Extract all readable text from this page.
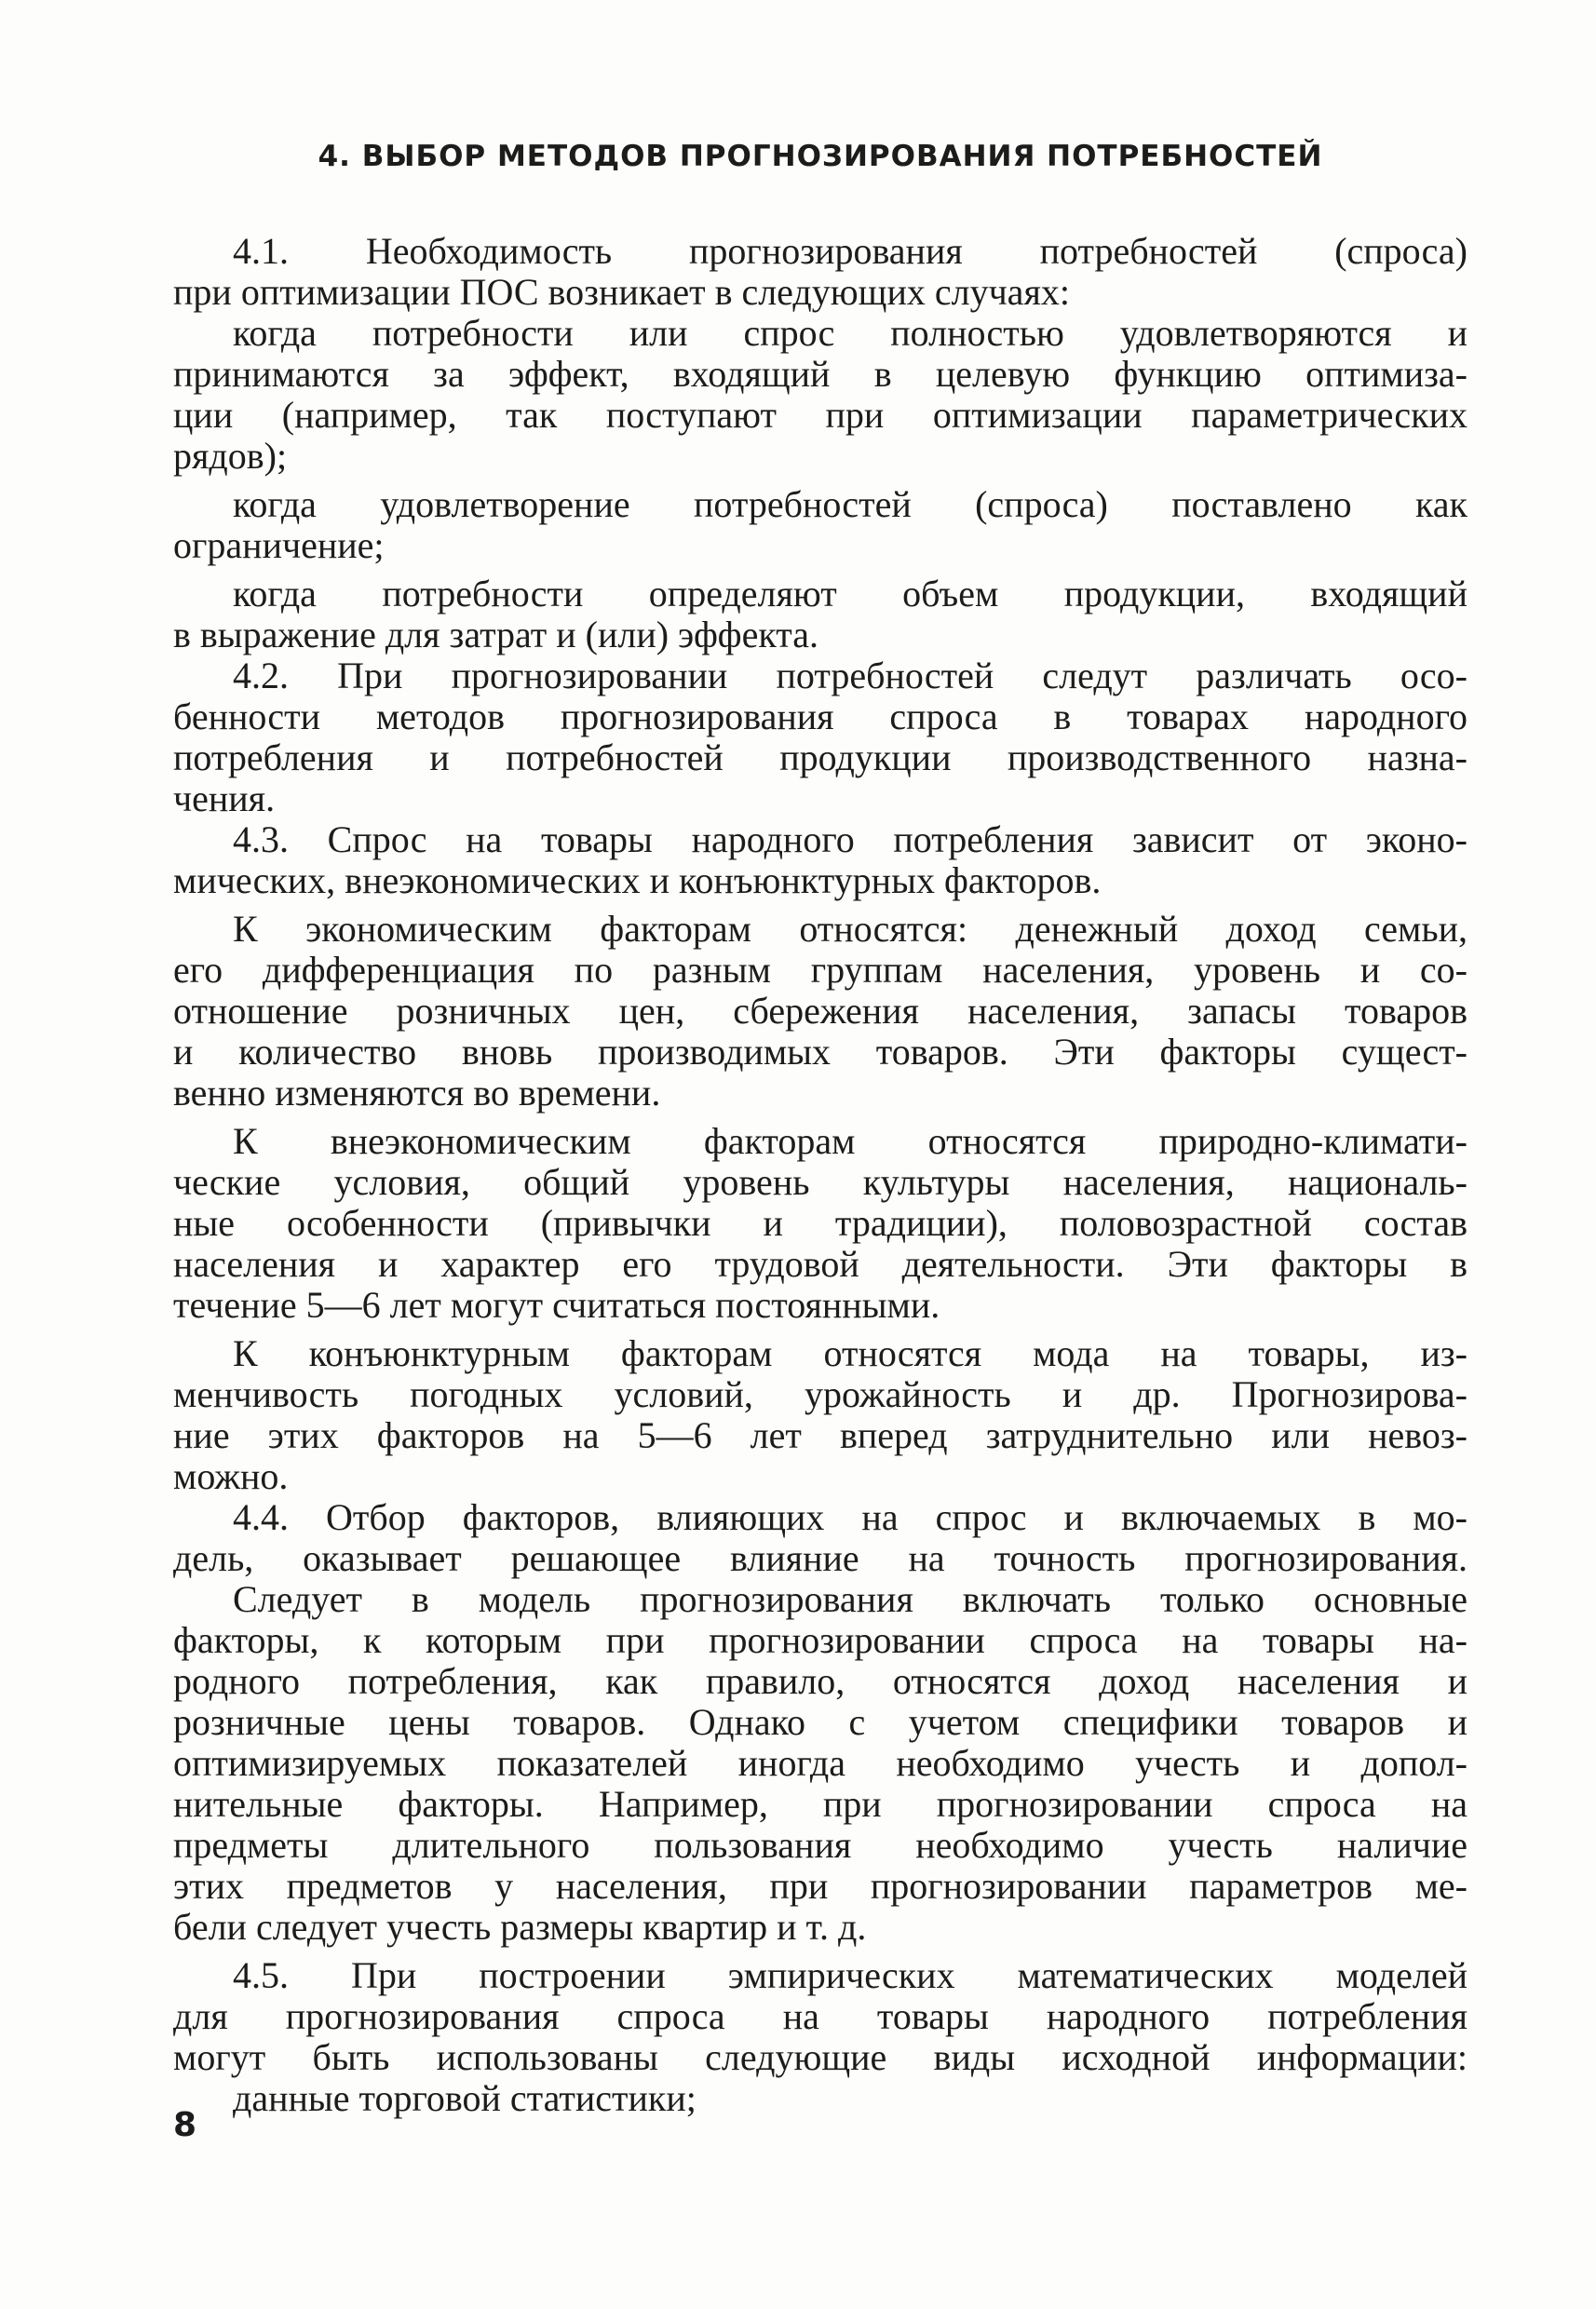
4. ВЫБОР МЕТОДОВ ПРОГНОЗИРОВАНИЯ ПОТРЕБНОСТЕЙ
4.1. Необходимость прогнозирования потребностей (спроса)
при оптимизации ПОС возникает в следующих случаях:
когда потребности или спрос полностью удовлетворяются и
принимаются за эффект, входящий в целевую функцию оптимиза-
ции (например, так поступают при оптимизации параметрических
рядов);
когда удовлетворение потребностей (спроса) поставлено как
ограничение;
когда потребности определяют объем продукции, входящий
в выражение для затрат и (или) эффекта.
4.2. При прогнозировании потребностей следут различать осо-
бенности методов прогнозирования спроса в товарах народного
потребления и потребностей продукции производственного назна-
чения.
4.3. Спрос на товары народного потребления зависит от эконо-
мических, внеэкономических и конъюнктурных факторов.
К экономическим факторам относятся: денежный доход семьи,
его дифференциация по разным группам населения, уровень и со-
отношение розничных цен, сбережения населения, запасы товаров
и количество вновь производимых товаров. Эти факторы сущест-
венно изменяются во времени.
К внеэкономическим факторам относятся природно-климати-
ческие условия, общий уровень культуры населения, националь-
ные особенности (привычки и традиции), половозрастной состав
населения и характер его трудовой деятельности. Эти факторы в
течение 5—6 лет могут считаться постоянными.
К конъюнктурным факторам относятся мода на товары, из-
менчивость погодных условий, урожайность и др. Прогнозирова-
ние этих факторов на 5—6 лет вперед затруднительно или невоз-
можно.
4.4. Отбор факторов, влияющих на спрос и включаемых в мо-
дель, оказывает решающее влияние на точность прогнозирования.
Следует в модель прогнозирования включать только основные
факторы, к которым при прогнозировании спроса на товары на-
родного потребления, как правило, относятся доход населения и
розничные цены товаров. Однако с учетом специфики товаров и
оптимизируемых показателей иногда необходимо учесть и допол-
нительные факторы. Например, при прогнозировании спроса на
предметы длительного пользования необходимо учесть наличие
этих предметов у населения, при прогнозировании параметров ме-
бели следует учесть размеры квартир и т. д.
4.5. При построении эмпирических математических моделей
для прогнозирования спроса на товары народного потребления
могут быть использованы следующие виды исходной информации:
данные торговой статистики;

8
